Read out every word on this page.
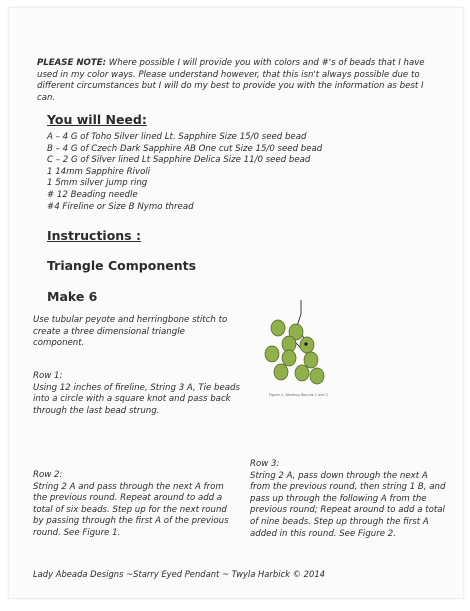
PLEASE NOTE: Where possible I will provide you with colors and #'s of beads that I have used in my color ways. Please understand however, that this isn't always possible due to different circumstances but I will do my best to provide you with the information as best I can.
You will Need:
A – 4 G of Toho Silver lined Lt. Sapphire Size 15/0 seed bead
B – 4 G of Czech Dark Sapphire AB One cut Size 15/0 seed bead
C – 2 G of Silver lined Lt Sapphire Delica Size 11/0 seed bead
1 14mm Sapphire Rivoli
1 5mm silver jump ring
# 12 Beading needle
#4 Fireline or Size B Nymo thread
Instructions :
Triangle Components
Make 6
Use tubular peyote and herringbone stitch to create a three dimensional triangle component.
Figure 1: Working Rounds 1 and 2
Row 1:
Using 12 inches of fireline, String 3 A, Tie beads into a circle with a square knot and pass back through the last bead strung.
Row 2:
String 2 A and pass through the next A from the previous round. Repeat around to add a total of six beads. Step up for the next round by passing through the first A of the previous round. See Figure 1.
Row 3:
String 2 A, pass down through the next A from the previous round, then string 1 B, and pass up through the following A from the previous round; Repeat around to add a total of nine beads. Step up through the first A added in this round. See Figure 2.
Lady Abeada Designs ~Starry Eyed Pendant ~ Twyla Harbick © 2014
